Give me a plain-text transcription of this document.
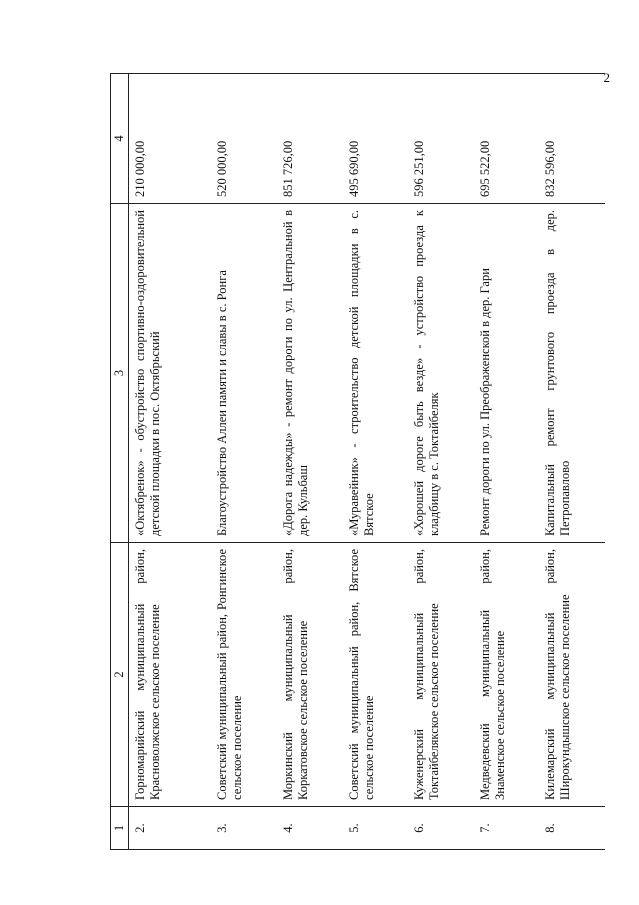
2
1	2	3	4
2.	Горномарийский муниципальный район, Красноволжское сельское поселение	«Октябренок» - обустройство спортивно-оздоровительной детской площадки в пос. Октябрьский	210 000,00
3.	Советский муниципальный район, Ронгинское сельское поселение	Благоустройство Аллеи памяти и славы в с. Ронга	520 000,00
4.	Моркинский муниципальный район, Коркатовское сельское поселение	«Дорога надежды» - ремонт дороги по ул. Центральной в дер. Кульбаш	851 726,00
5.	Советский муниципальный район, Вятское сельское поселение	«Муравейник» - строительство детской площадки в с. Вятское	495 690,00
6.	Куженерский муниципальный район, Токтайбелякское сельское поселение	«Хорошей дороге быть везде» - устройство проезда к кладбищу в с. Токтайбеляк	596 251,00
7.	Медведевский муниципальный район, Знаменское сельское поселение	Ремонт дороги по ул. Преображенской в дер. Гари	695 522,00
8.	Килемарский муниципальный район, Широкундышское сельское поселение	Капитальный ремонт грунтового проезда в дер. Петропавлово	832 596,00
